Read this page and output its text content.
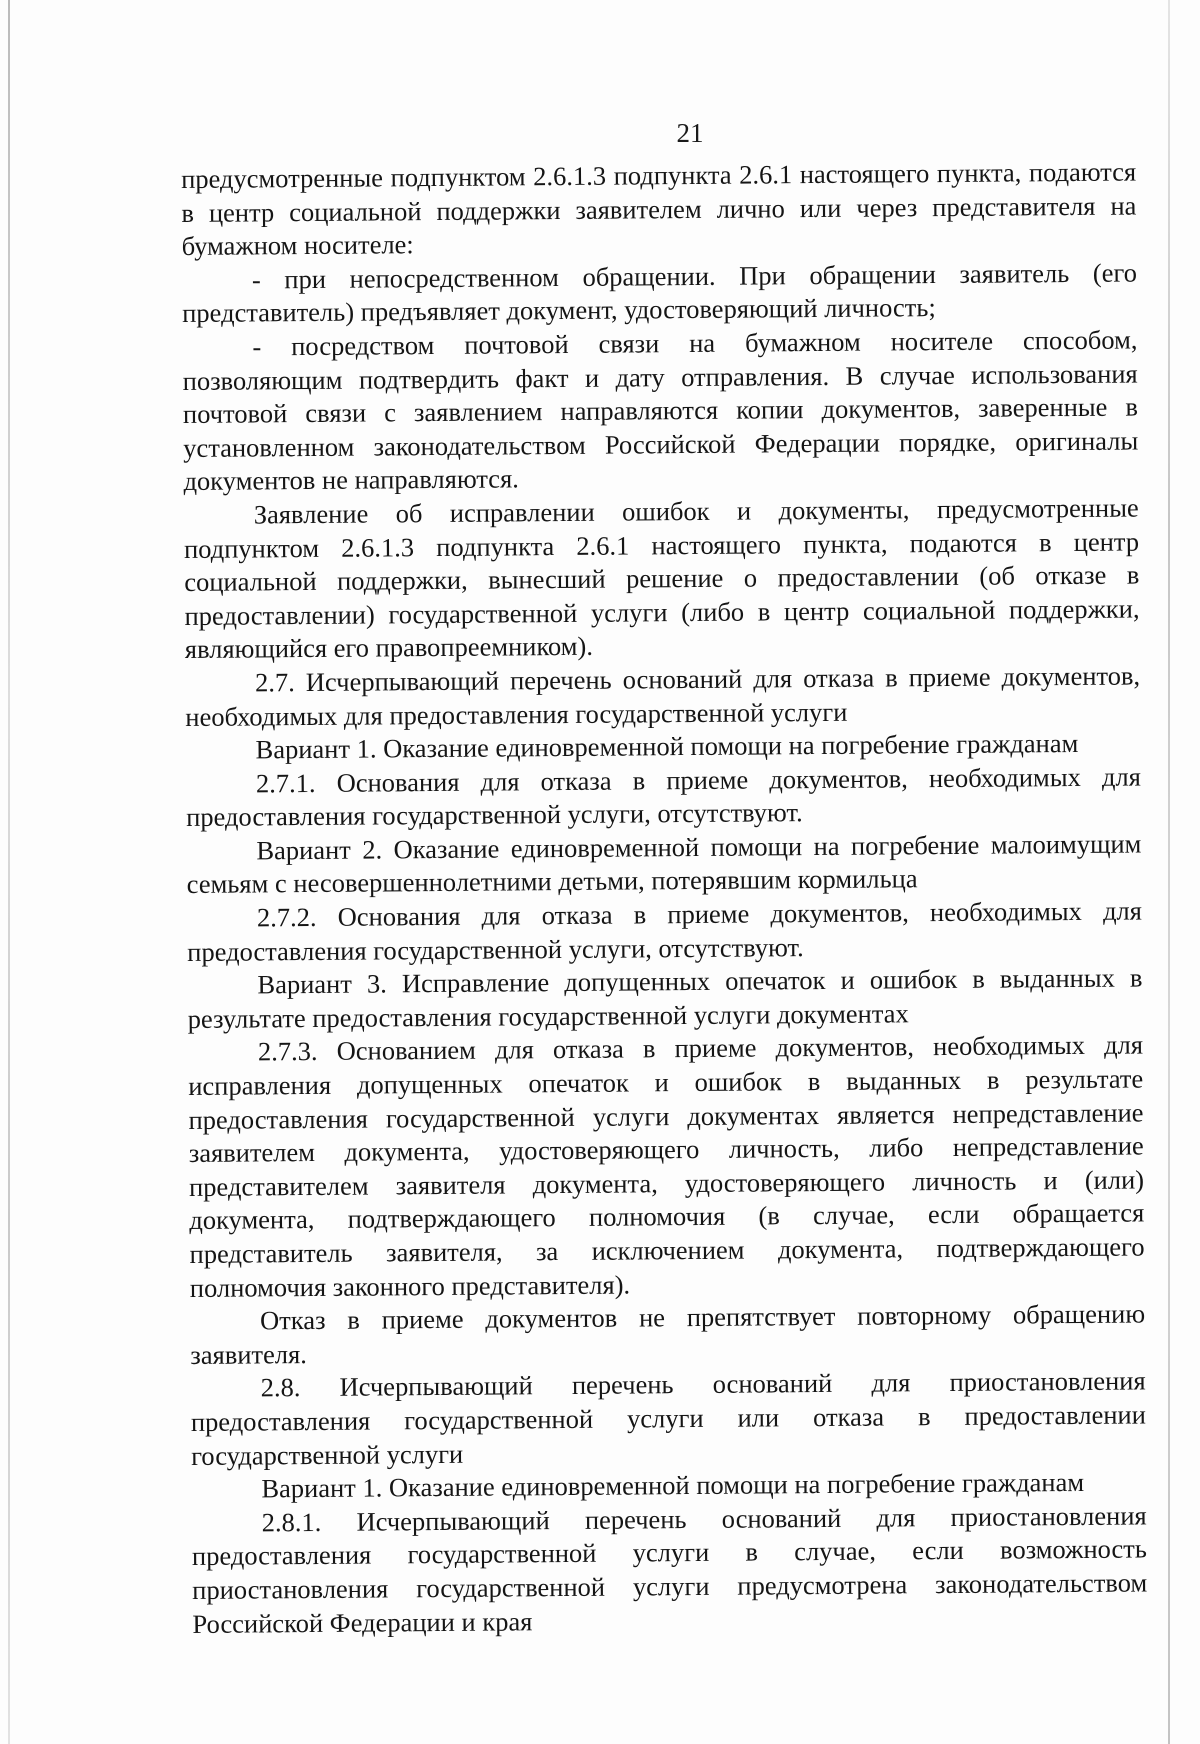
21

предусмотренные подпунктом 2.6.1.3 подпункта 2.6.1 настоящего пункта, подаются в центр социальной поддержки заявителем лично или через представителя на бумажном носителе:

- при непосредственном обращении. При обращении заявитель (его представитель) предъявляет документ, удостоверяющий личность;

- посредством почтовой связи на бумажном носителе способом, позволяющим подтвердить факт и дату отправления. В случае использования почтовой связи с заявлением направляются копии документов, заверенные в установленном законодательством Российской Федерации порядке, оригиналы документов не направляются.

Заявление об исправлении ошибок и документы, предусмотренные подпунктом 2.6.1.3 подпункта 2.6.1 настоящего пункта, подаются в центр социальной поддержки, вынесший решение о предоставлении (об отказе в предоставлении) государственной услуги (либо в центр социальной поддержки, являющийся его правопреемником).

2.7. Исчерпывающий перечень оснований для отказа в приеме документов, необходимых для предоставления государственной услуги

Вариант 1. Оказание единовременной помощи на погребение гражданам

2.7.1. Основания для отказа в приеме документов, необходимых для предоставления государственной услуги, отсутствуют.

Вариант 2. Оказание единовременной помощи на погребение малоимущим семьям с несовершеннолетними детьми, потерявшим кормильца

2.7.2. Основания для отказа в приеме документов, необходимых для предоставления государственной услуги, отсутствуют.

Вариант 3. Исправление допущенных опечаток и ошибок в выданных в результате предоставления государственной услуги документах

2.7.3. Основанием для отказа в приеме документов, необходимых для исправления допущенных опечаток и ошибок в выданных в результате предоставления государственной услуги документах является непредставление заявителем документа, удостоверяющего личность, либо непредставление представителем заявителя документа, удостоверяющего личность и (или) документа, подтверждающего полномочия (в случае, если обращается представитель заявителя, за исключением документа, подтверждающего полномочия законного представителя).

Отказ в приеме документов не препятствует повторному обращению заявителя.

2.8. Исчерпывающий перечень оснований для приостановления предоставления государственной услуги или отказа в предоставлении государственной услуги

Вариант 1. Оказание единовременной помощи на погребение гражданам

2.8.1. Исчерпывающий перечень оснований для приостановления предоставления государственной услуги в случае, если возможность приостановления государственной услуги предусмотрена законодательством Российской Федерации и края
